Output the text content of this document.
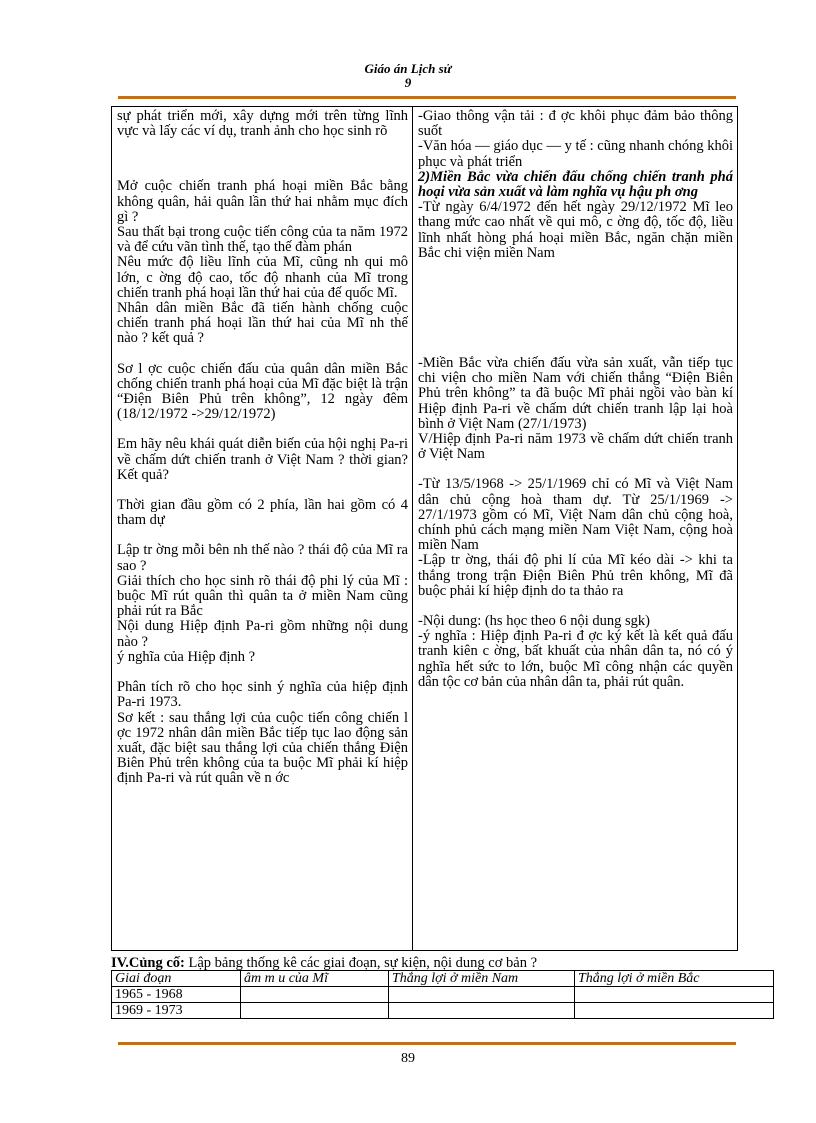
Giáo án Lịch sử
9

sự phát triển mới, xây dựng mới trên từng lĩnh vực và lấy các ví dụ, tranh ảnh cho học sinh rõ

Mở cuộc chiến tranh phá hoại miền Bắc bằng không quân, hải quân lần thứ hai nhằm mục đích gì ?

Sau thất bại trong cuộc tiến công của ta năm 1972 và để cứu vãn tình thế, tạo thế đàm phán

Nêu mức độ liều lĩnh của Mĩ, cũng nh qui mô lớn, c ờng độ cao, tốc độ nhanh của Mĩ trong chiến tranh phá hoại lần thứ hai của đế quốc Mĩ.

Nhân dân miền Bắc đã tiến hành chống cuộc chiến tranh phá hoại lần thứ hai của Mĩ nh thế nào ? kết quả ?

Sơ l ợc cuộc chiến đấu của quân dân miền Bắc chống chiến tranh phá hoại của Mĩ đặc biệt là trận “Điện Biên Phủ trên không”, 12 ngày đêm (18/12/1972 ->29/12/1972)

Em hãy nêu khái quát diễn biến của hội nghị Pa-ri về chấm dứt chiến tranh ở Việt Nam ? thời gian? Kết quả?

Thời gian đầu gồm có 2 phía, lần hai gồm có 4 tham dự

Lập tr ờng mỗi bên nh thế nào ? thái độ của Mĩ ra sao ?

Giải thích cho học sinh rõ thái độ phi lý của Mĩ : buộc Mĩ rút quân thì quân ta ở miền Nam cũng phải rút ra Bắc

Nội dung Hiệp định Pa-ri gồm những nội dung nào ?

ý nghĩa của Hiệp định ?

Phân tích rõ cho học sinh ý nghĩa của hiệp định Pa-ri 1973.

Sơ kết : sau thắng lợi của cuộc tiến công chiến l ợc 1972 nhân dân miền Bắc tiếp tục lao động sản xuất, đặc biệt sau thắng lợi của chiến thắng Điện Biên Phủ trên không của ta buộc Mĩ phải kí hiệp định Pa-ri và rút quân về n ớc

-Giao thông vận tải : đ ợc khôi phục đảm bảo thông suốt

-Văn hóa — giáo dục — y tế : cũng nhanh chóng khôi phục và phát triển

2)Miền Bắc vừa chiến đấu chống chiến tranh phá hoại vừa sản xuất và làm nghĩa vụ hậu ph ơng

-Từ ngày 6/4/1972 đến hết ngày 29/12/1972 Mĩ leo thang mức cao nhất về qui mô, c ờng độ, tốc độ, liều lĩnh nhất hòng phá hoại miền Bắc, ngăn chặn miền Bắc chi viện miền Nam

-Miền Bắc vừa chiến đấu vừa sản xuất, vẫn tiếp tục chi viện cho miền Nam với chiến thắng “Điện Biên Phủ trên không” ta đã buộc Mĩ phải ngồi vào bàn kí Hiệp định Pa-ri về chấm dứt chiến tranh lập lại hoà bình ở Việt Nam (27/1/1973)

V/Hiệp định Pa-ri năm 1973 về chấm dứt chiến tranh ở Việt Nam

-Từ 13/5/1968 -> 25/1/1969 chỉ có Mĩ và Việt Nam dân chủ cộng hoà tham dự. Từ 25/1/1969 -> 27/1/1973 gồm có Mĩ, Việt Nam dân chủ cộng hoà, chính phủ cách mạng miền Nam Việt Nam, cộng hoà miền Nam

-Lập tr ờng, thái độ phi lí của Mĩ kéo dài -> khi ta thắng trong trận Điện Biên Phủ trên không, Mĩ đã buộc phải kí hiệp định do ta thảo ra

-Nội dung: (hs học theo 6 nội dung sgk)

-ý nghĩa : Hiệp định Pa-ri đ ợc ký kết là kết quả đấu tranh kiên c ờng, bất khuất của nhân dân ta, nó có ý nghĩa hết sức to lớn, buộc Mĩ công nhận các quyền dân tộc cơ bản của nhân dân ta, phải rút quân.

IV.Củng cố: Lập bảng thống kê các giai đoạn, sự kiện, nội dung cơ bản ?
Giai đoạn	âm m u của Mĩ	Thắng lợi ở miền Nam	Thắng lợi ở miền Bắc
1965 - 1968			
1969 - 1973			
89
